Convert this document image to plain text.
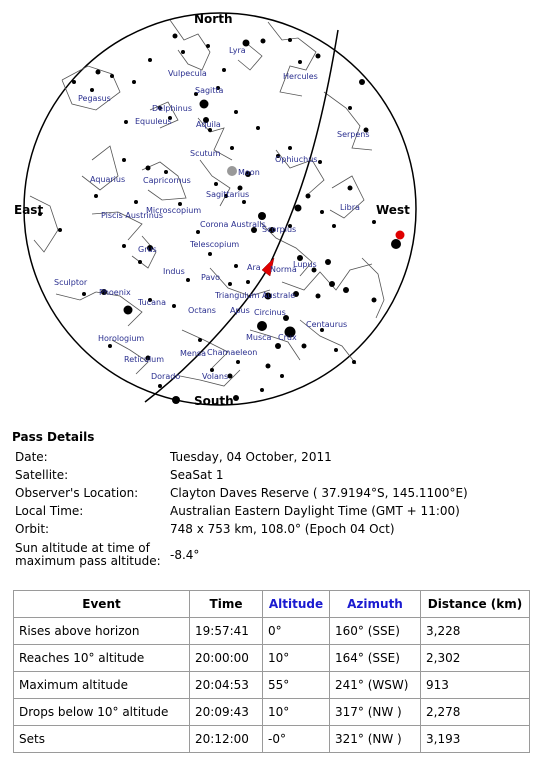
Lyra
Vulpecula	Hercules
Pegasus
Sagitta
Delphinus
Equuleus	Aquila
Serpens
Scutum
Ophiuchus
Aquarius Capricornus
Moon
Sagittarius
Libra
Piscis Austrinus
Microscopium
Corona Australis
Scorpius
Grus
Telescopium
Indus
Pavo
Ara Norma
Lupus
Sculptor
Phoenix	Triangulum Australe
Tucana
Octans Apus Circinus
Centaurus
Horologium	Musca Crux
Reticulum
Chamaeleon
Mensa
Dorado	Volans
North
South
East	West
Pass Details
Date:	Tuesday, 04 October, 2011
Satellite:	SeaSat 1
Observer's Location:	Clayton Daves Reserve ( 37.9194°S, 145.1100°E)
Local Time:	Australian Eastern Daylight Time (GMT + 11:00)
Orbit:	748 x 753 km, 108.0° (Epoch 04 Oct)
Sun altitude at time of maximum pass altitude:	-8.4°
Event	Time	Altitude	Azimuth	Distance (km)
Rises above horizon	19:57:41	0°	160° (SSE)	3,228
Reaches 10° altitude	20:00:00	10°	164° (SSE)	2,302
Maximum altitude	20:04:53	55°	241° (WSW)	913
Drops below 10° altitude	20:09:43	10°	317° (NW )	2,278
Sets	20:12:00	-0°	321° (NW )	3,193
